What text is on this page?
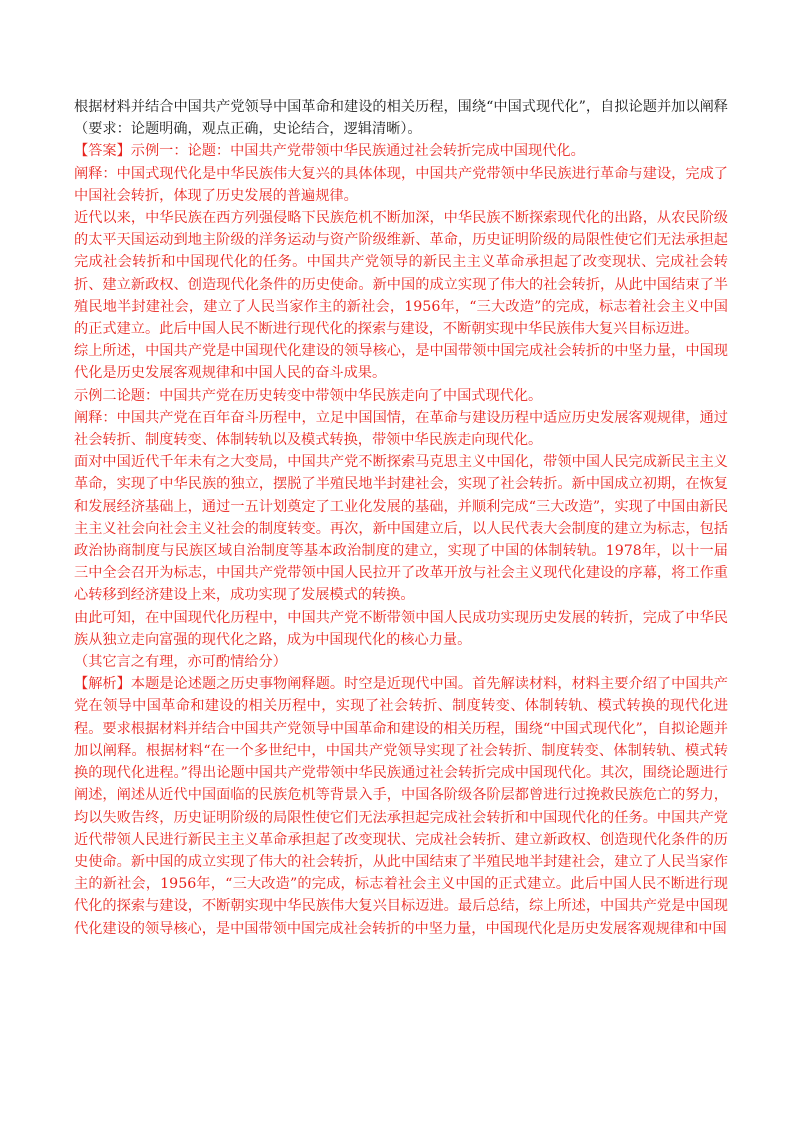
根据材料并结合中国共产党领导中国革命和建设的相关历程，围绕“中国式现代化”，自拟论题并加以阐释（要求：论题明确，观点正确，史论结合，逻辑清晰）。

【答案】示例一：论题：中国共产党带领中华民族通过社会转折完成中国现代化。

阐释：中国式现代化是中华民族伟大复兴的具体体现，中国共产党带领中华民族进行革命与建设，完成了中国社会转折，体现了历史发展的普遍规律。

近代以来，中华民族在西方列强侵略下民族危机不断加深，中华民族不断探索现代化的出路，从农民阶级的太平天国运动到地主阶级的洋务运动与资产阶级维新、革命，历史证明阶级的局限性使它们无法承担起完成社会转折和中国现代化的任务。中国共产党领导的新民主主义革命承担起了改变现状、完成社会转折、建立新政权、创造现代化条件的历史使命。新中国的成立实现了伟大的社会转折，从此中国结束了半殖民地半封建社会，建立了人民当家作主的新社会，1956年，“三大改造”的完成，标志着社会主义中国的正式建立。此后中国人民不断进行现代化的探索与建设，不断朝实现中华民族伟大复兴目标迈进。

综上所述，中国共产党是中国现代化建设的领导核心，是中国带领中国完成社会转折的中坚力量，中国现代化是历史发展客观规律和中国人民的奋斗成果。

示例二论题：中国共产党在历史转变中带领中华民族走向了中国式现代化。

阐释：中国共产党在百年奋斗历程中，立足中国国情，在革命与建设历程中适应历史发展客观规律，通过社会转折、制度转变、体制转轨以及模式转换，带领中华民族走向现代化。

面对中国近代千年未有之大变局，中国共产党不断探索马克思主义中国化，带领中国人民完成新民主主义革命，实现了中华民族的独立，摆脱了半殖民地半封建社会，实现了社会转折。新中国成立初期，在恢复和发展经济基础上，通过一五计划奠定了工业化发展的基础，并顺利完成“三大改造”，实现了中国由新民主主义社会向社会主义社会的制度转变。再次，新中国建立后，以人民代表大会制度的建立为标志，包括政治协商制度与民族区域自治制度等基本政治制度的建立，实现了中国的体制转轨。1978年，以十一届三中全会召开为标志，中国共产党带领中国人民拉开了改革开放与社会主义现代化建设的序幕，将工作重心转移到经济建设上来，成功实现了发展模式的转换。

由此可知，在中国现代化历程中，中国共产党不断带领中国人民成功实现历史发展的转折，完成了中华民族从独立走向富强的现代化之路，成为中国现代化的核心力量。

（其它言之有理，亦可酌情给分）

【解析】本题是论述题之历史事物阐释题。时空是近现代中国。首先解读材料，材料主要介绍了中国共产党在领导中国革命和建设的相关历程中，实现了社会转折、制度转变、体制转轨、模式转换的现代化进程。要求根据材料并结合中国共产党领导中国革命和建设的相关历程，围绕“中国式现代化”，自拟论题并加以阐释。根据材料“在一个多世纪中，中国共产党领导实现了社会转折、制度转变、体制转轨、模式转换的现代化进程。”得出论题中国共产党带领中华民族通过社会转折完成中国现代化。其次，围绕论题进行阐述，阐述从近代中国面临的民族危机等背景入手，中国各阶级各阶层都曾进行过挽救民族危亡的努力，均以失败告终，历史证明阶级的局限性使它们无法承担起完成社会转折和中国现代化的任务。中国共产党近代带领人民进行新民主主义革命承担起了改变现状、完成社会转折、建立新政权、创造现代化条件的历史使命。新中国的成立实现了伟大的社会转折，从此中国结束了半殖民地半封建社会，建立了人民当家作主的新社会，1956年，“三大改造”的完成，标志着社会主义中国的正式建立。此后中国人民不断进行现代化的探索与建设，不断朝实现中华民族伟大复兴目标迈进。最后总结，综上所述，中国共产党是中国现代化建设的领导核心，是中国带领中国完成社会转折的中坚力量，中国现代化是历史发展客观规律和中国
